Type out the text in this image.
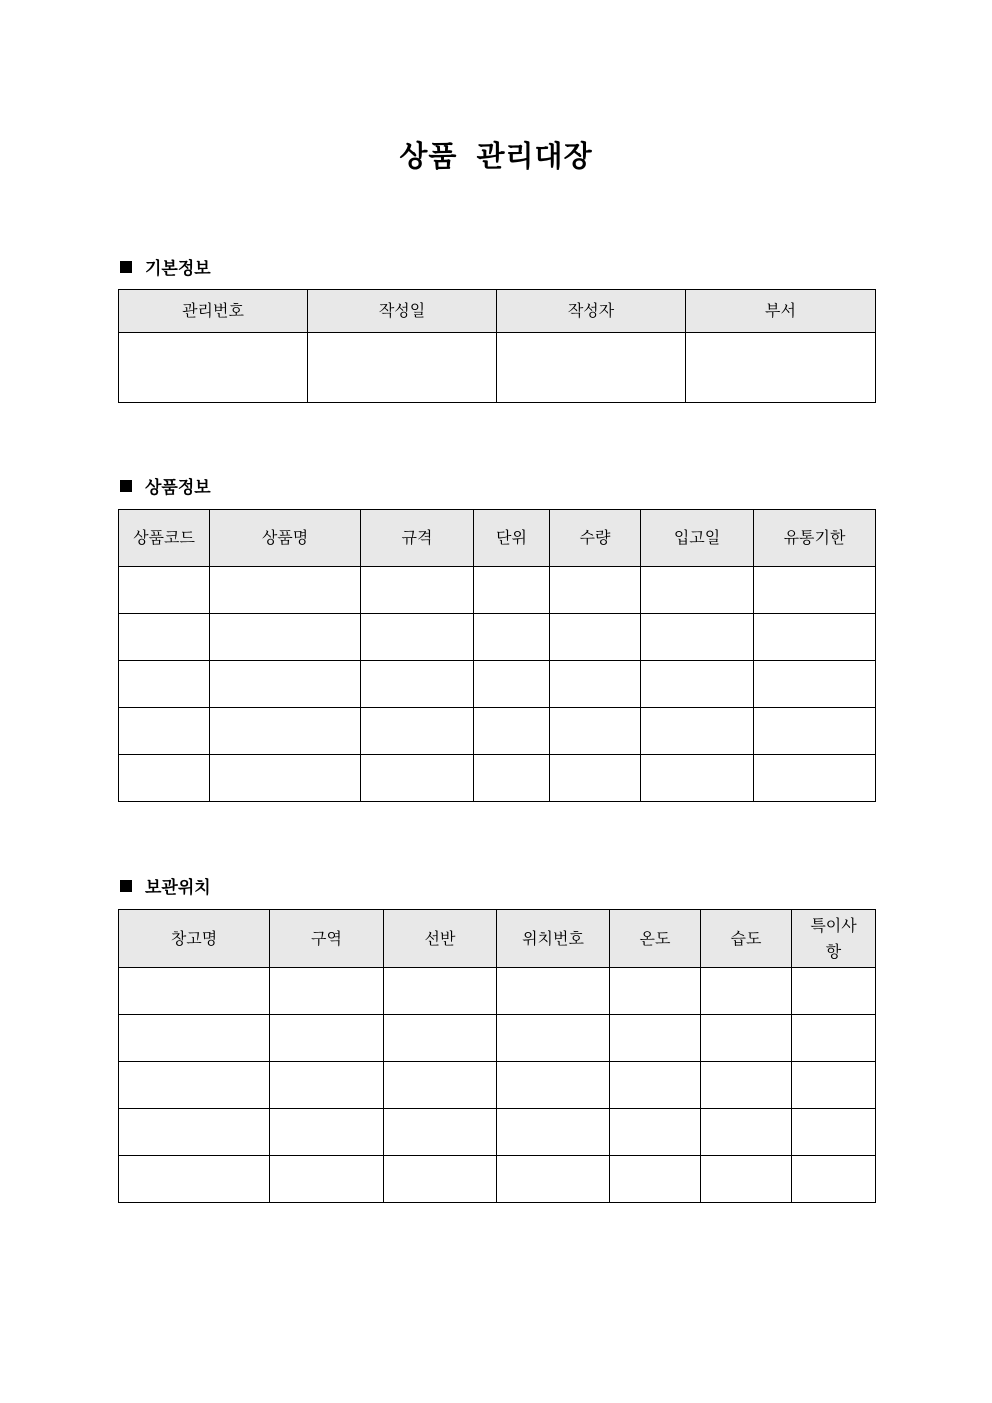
상품 관리대장
기본정보
관리번호	작성일	작성자	부서

상품정보
상품코드	상품명	규격	단위	수량	입고일	유통기한

보관위치
창고명	구역	선반	위치번호	온도	습도	특이사항
